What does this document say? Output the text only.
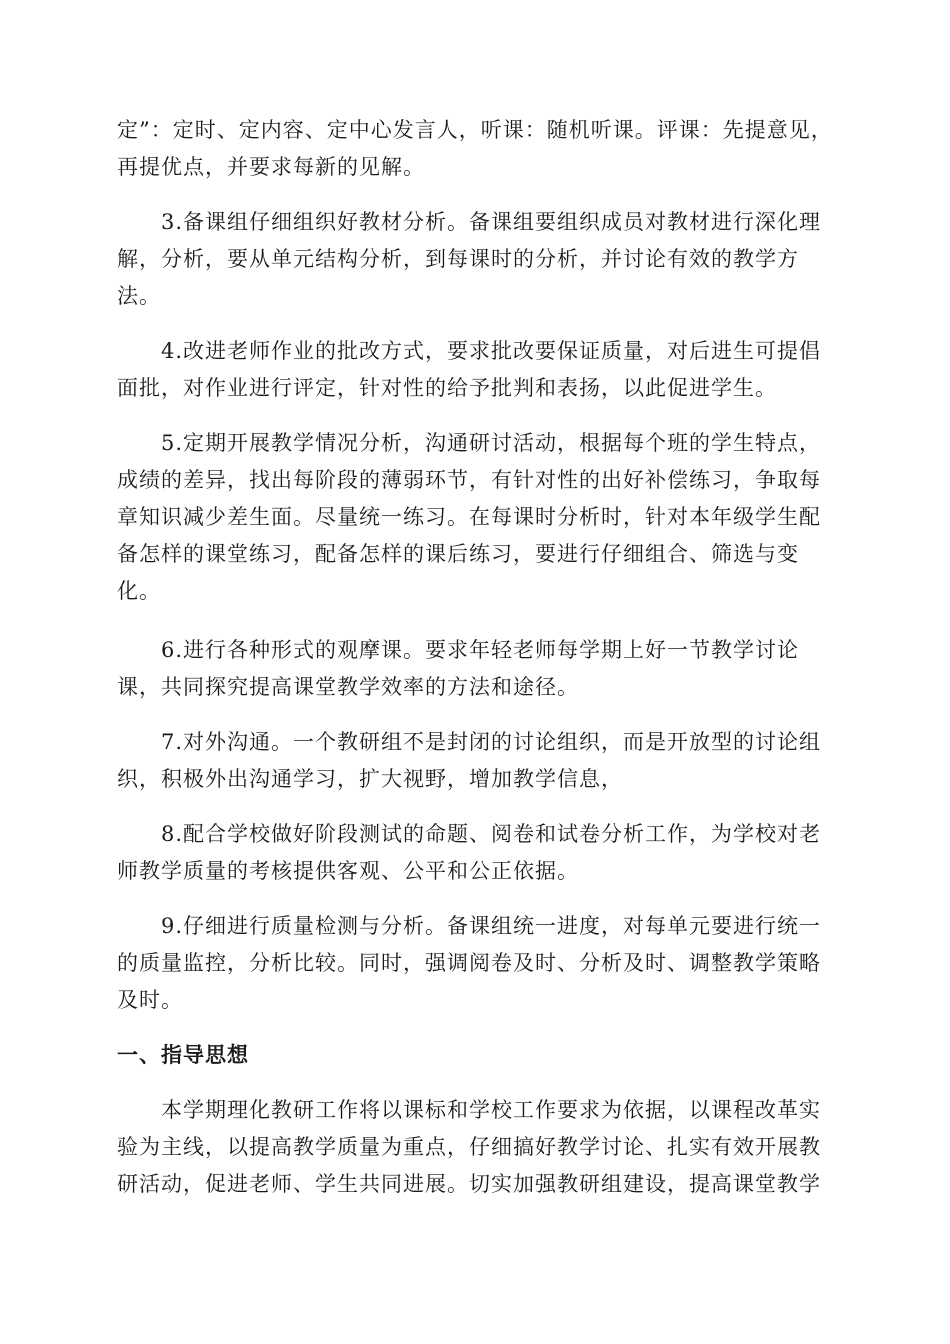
定”：定时、定内容、定中心发言人，听课：随机听课。评课：先提意见，再提优点，并要求每新的见解。

3.备课组仔细组织好教材分析。备课组要组织成员对教材进行深化理解，分析，要从单元结构分析，到每课时的分析，并讨论有效的教学方法。

4.改进老师作业的批改方式，要求批改要保证质量，对后进生可提倡面批，对作业进行评定，针对性的给予批判和表扬，以此促进学生。

5.定期开展教学情况分析，沟通研讨活动，根据每个班的学生特点，成绩的差异，找出每阶段的薄弱环节，有针对性的出好补偿练习，争取每章知识减少差生面。尽量统一练习。在每课时分析时，针对本年级学生配备怎样的课堂练习，配备怎样的课后练习，要进行仔细组合、筛选与变化。

6.进行各种形式的观摩课。要求年轻老师每学期上好一节教学讨论课，共同探究提高课堂教学效率的方法和途径。

7.对外沟通。一个教研组不是封闭的讨论组织，而是开放型的讨论组织，积极外出沟通学习，扩大视野，增加教学信息，

8.配合学校做好阶段测试的命题、阅卷和试卷分析工作，为学校对老师教学质量的考核提供客观、公平和公正依据。

9.仔细进行质量检测与分析。备课组统一进度，对每单元要进行统一的质量监控，分析比较。同时，强调阅卷及时、分析及时、调整教学策略及时。

一、指导思想

本学期理化教研工作将以课标和学校工作要求为依据，以课程改革实验为主线，以提高教学质量为重点，仔细搞好教学讨论、扎实有效开展教研活动，促进老师、学生共同进展。切实加强教研组建设，提高课堂教学
